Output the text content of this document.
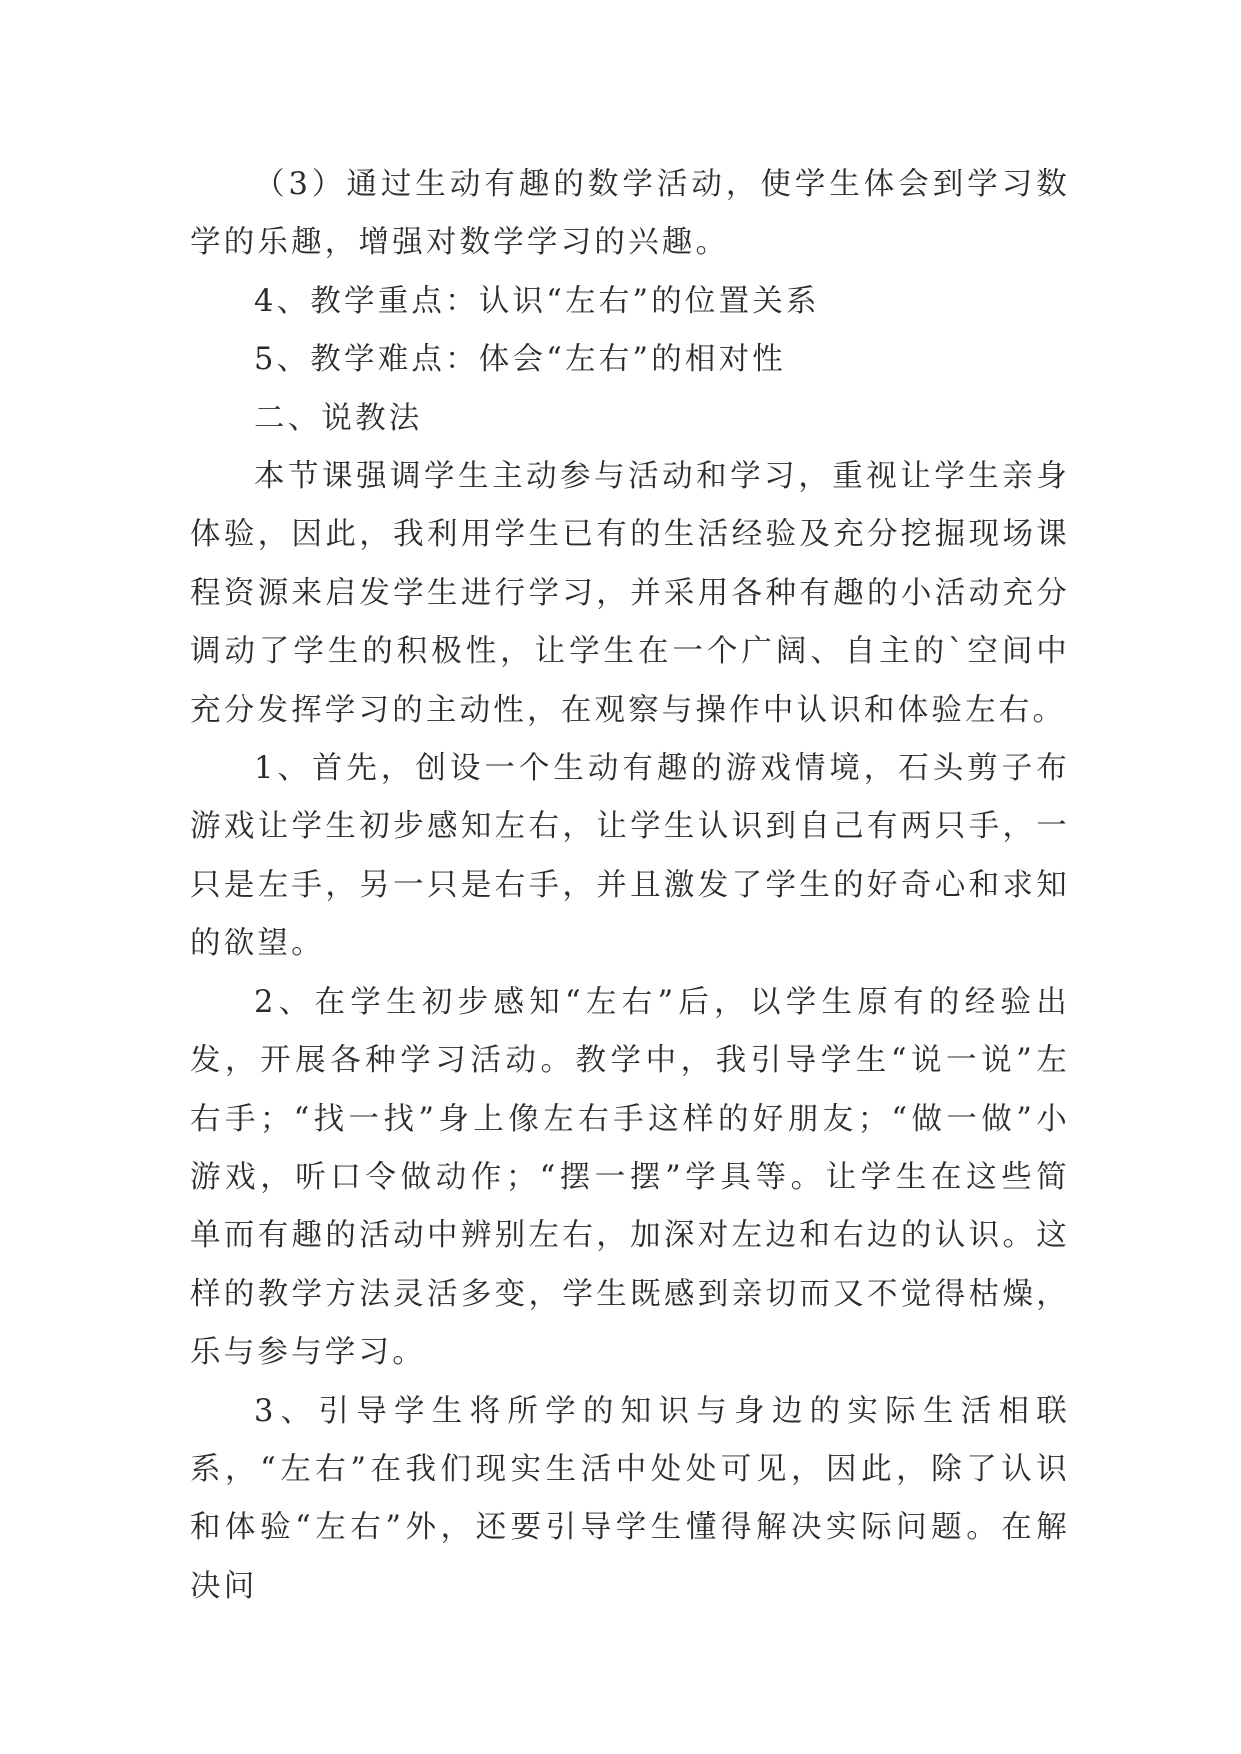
（3）通过生动有趣的数学活动，使学生体会到学习数学的乐趣，增强对数学学习的兴趣。

4、教学重点：认识“左右”的位置关系

5、教学难点：体会“左右”的相对性

二、说教法

本节课强调学生主动参与活动和学习，重视让学生亲身体验，因此，我利用学生已有的生活经验及充分挖掘现场课程资源来启发学生进行学习，并采用各种有趣的小活动充分调动了学生的积极性，让学生在一个广阔、自主的`空间中充分发挥学习的主动性，在观察与操作中认识和体验左右。

1、首先，创设一个生动有趣的游戏情境，石头剪子布游戏让学生初步感知左右，让学生认识到自己有两只手，一只是左手，另一只是右手，并且激发了学生的好奇心和求知的欲望。

2、在学生初步感知“左右”后，以学生原有的经验出发，开展各种学习活动。教学中，我引导学生“说一说”左右手；“找一找”身上像左右手这样的好朋友；“做一做”小游戏，听口令做动作；“摆一摆”学具等。让学生在这些简单而有趣的活动中辨别左右，加深对左边和右边的认识。这样的教学方法灵活多变，学生既感到亲切而又不觉得枯燥，乐与参与学习。

3、引导学生将所学的知识与身边的实际生活相联系，“左右”在我们现实生活中处处可见，因此，除了认识和体验“左右”外，还要引导学生懂得解决实际问题。在解决问
